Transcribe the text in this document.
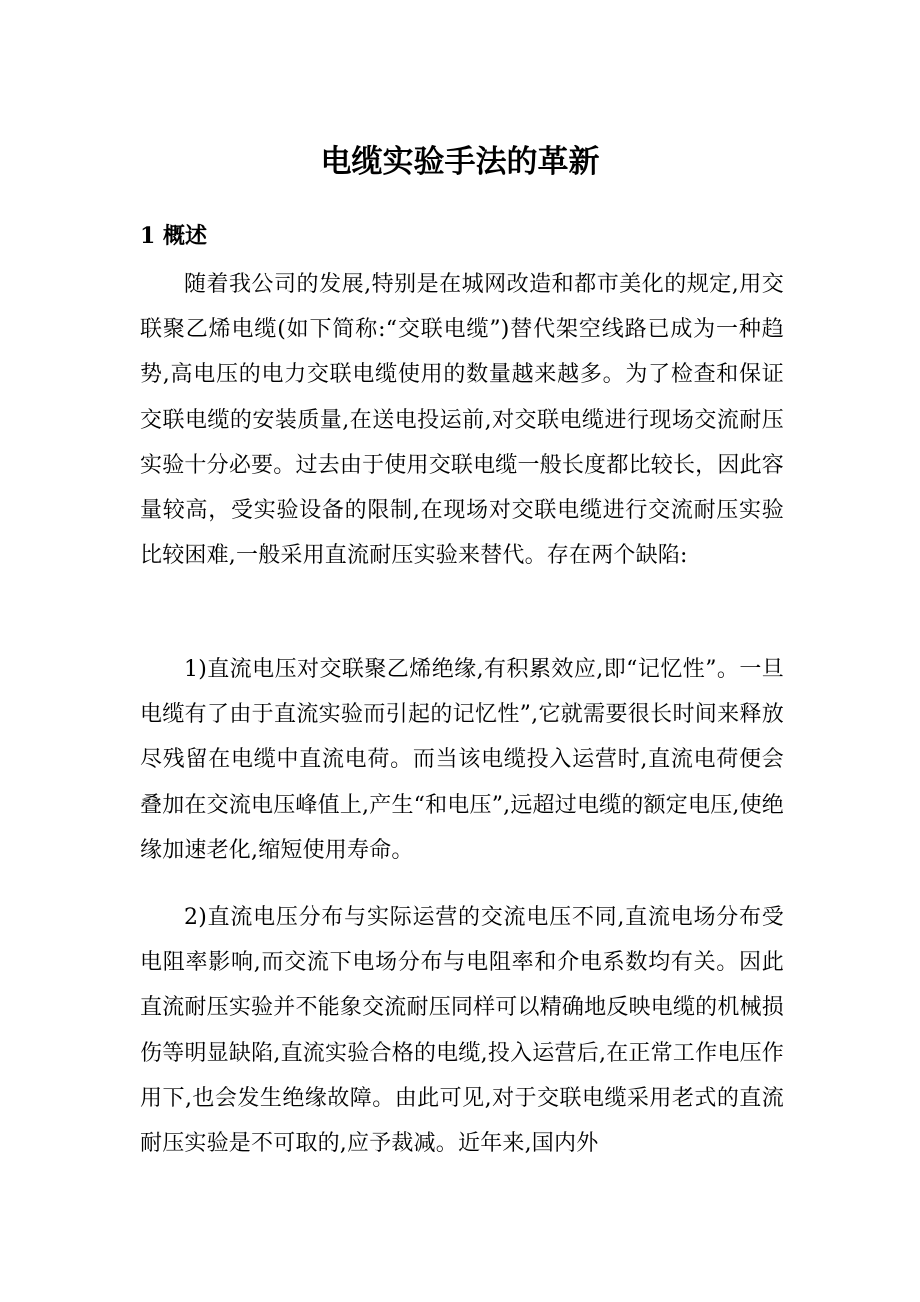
电缆实验手法的革新
1 概述

随着我公司的发展,特别是在城网改造和都市美化的规定,用交联聚乙烯电缆(如下简称:“交联电缆”)替代架空线路已成为一种趋势,高电压的电力交联电缆使用的数量越来越多。为了检查和保证交联电缆的安装质量,在送电投运前,对交联电缆进行现场交流耐压实验十分必要。过去由于使用交联电缆一般长度都比较长，因此容量较高，受实验设备的限制,在现场对交联电缆进行交流耐压实验比较困难,一般采用直流耐压实验来替代。存在两个缺陷:

1)直流电压对交联聚乙烯绝缘,有积累效应,即“记忆性”。一旦电缆有了由于直流实验而引起的记忆性”,它就需要很长时间来释放尽残留在电缆中直流电荷。而当该电缆投入运营时,直流电荷便会叠加在交流电压峰值上,产生“和电压”,远超过电缆的额定电压,使绝缘加速老化,缩短使用寿命。

2)直流电压分布与实际运营的交流电压不同,直流电场分布受电阻率影响,而交流下电场分布与电阻率和介电系数均有关。因此直流耐压实验并不能象交流耐压同样可以精确地反映电缆的机械损伤等明显缺陷,直流实验合格的电缆,投入运营后,在正常工作电压作用下,也会发生绝缘故障。由此可见,对于交联电缆采用老式的直流耐压实验是不可取的,应予裁减。近年来,国内外
